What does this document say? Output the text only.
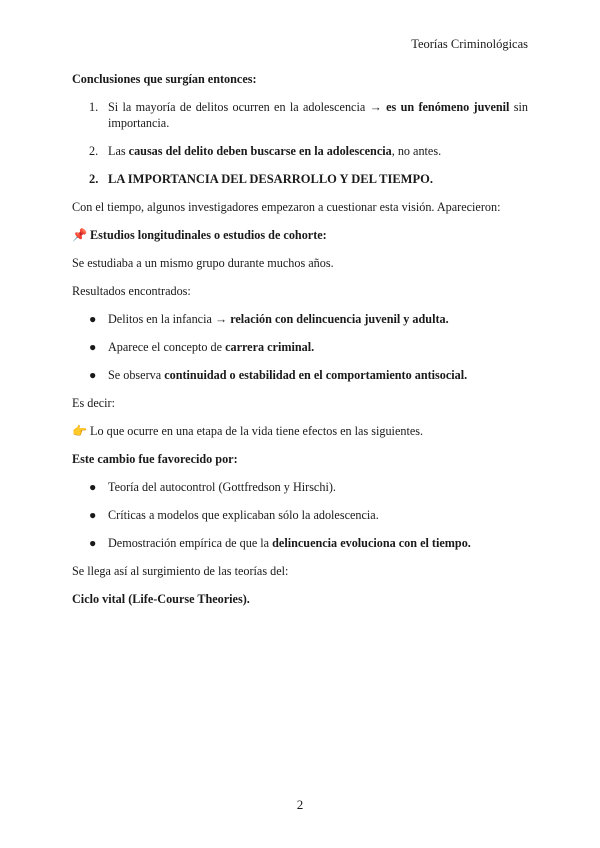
Teorías Criminológicas

Conclusiones que surgían entonces:

1. Si la mayoría de delitos ocurren en la adolescencia → es un fenómeno juvenil sin importancia.
2. Las causas del delito deben buscarse en la adolescencia, no antes.
2. LA IMPORTANCIA DEL DESARROLLO Y DEL TIEMPO.

Con el tiempo, algunos investigadores empezaron a cuestionar esta visión. Aparecieron:

📌 Estudios longitudinales o estudios de cohorte:

Se estudiaba a un mismo grupo durante muchos años.

Resultados encontrados:

● Delitos en la infancia → relación con delincuencia juvenil y adulta.
● Aparece el concepto de carrera criminal.
● Se observa continuidad o estabilidad en el comportamiento antisocial.

Es decir:

👉 Lo que ocurre en una etapa de la vida tiene efectos en las siguientes.

Este cambio fue favorecido por:

● Teoría del autocontrol (Gottfredson y Hirschi).
● Críticas a modelos que explicaban sólo la adolescencia.
● Demostración empírica de que la delincuencia evoluciona con el tiempo.

Se llega así al surgimiento de las teorías del:

Ciclo vital (Life-Course Theories).

2
